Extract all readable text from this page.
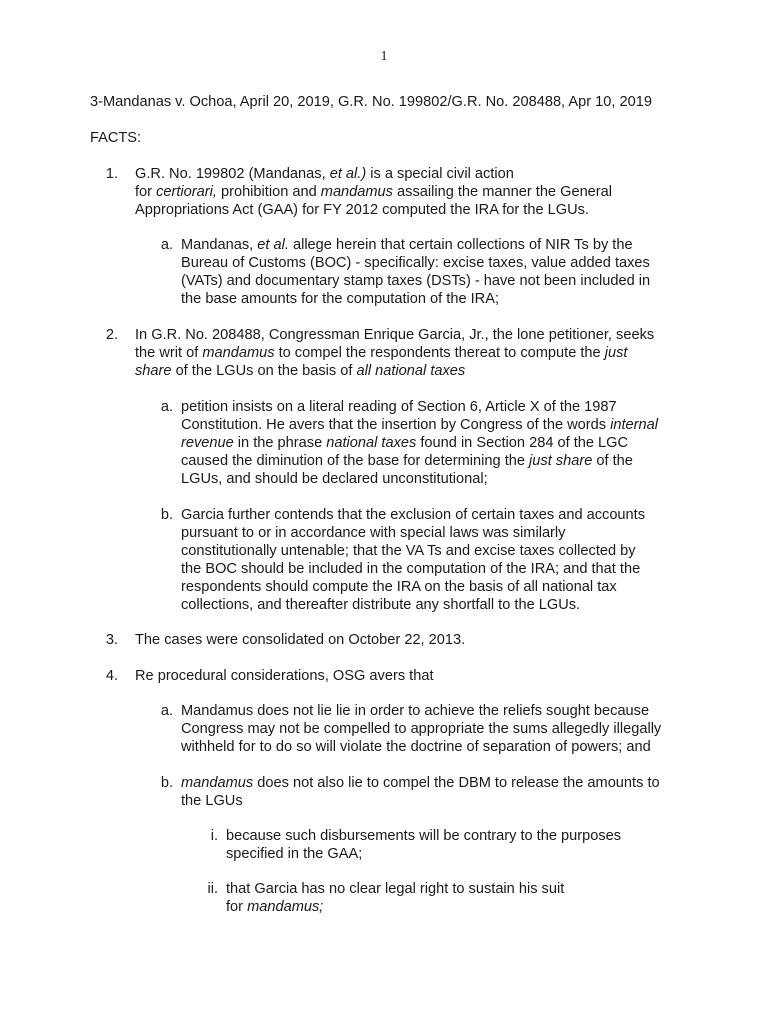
1
3-Mandanas v. Ochoa, April 20, 2019, G.R. No. 199802/G.R. No. 208488, Apr 10, 2019
FACTS:
1. G.R. No. 199802 (Mandanas, et al.) is a special civil action
for certiorari, prohibition and mandamus assailing the manner the General
Appropriations Act (GAA) for FY 2012 computed the IRA for the LGUs.
a. Mandanas, et al. allege herein that certain collections of NIR Ts by the
Bureau of Customs (BOC) - specifically: excise taxes, value added taxes
(VATs) and documentary stamp taxes (DSTs) - have not been included in
the base amounts for the computation of the IRA;
2. In G.R. No. 208488, Congressman Enrique Garcia, Jr., the lone petitioner, seeks
the writ of mandamus to compel the respondents thereat to compute the just
share of the LGUs on the basis of all national taxes
a. petition insists on a literal reading of Section 6, Article X of the 1987
Constitution. He avers that the insertion by Congress of the words internal
revenue in the phrase national taxes found in Section 284 of the LGC
caused the diminution of the base for determining the just share of the
LGUs, and should be declared unconstitutional;
b. Garcia further contends that the exclusion of certain taxes and accounts
pursuant to or in accordance with special laws was similarly
constitutionally untenable; that the VA Ts and excise taxes collected by
the BOC should be included in the computation of the IRA; and that the
respondents should compute the IRA on the basis of all national tax
collections, and thereafter distribute any shortfall to the LGUs.
3. The cases were consolidated on October 22, 2013.
4. Re procedural considerations, OSG avers that
a. Mandamus does not lie lie in order to achieve the reliefs sought because
Congress may not be compelled to appropriate the sums allegedly illegally
withheld for to do so will violate the doctrine of separation of powers; and
b. mandamus does not also lie to compel the DBM to release the amounts to
the LGUs
i. because such disbursements will be contrary to the purposes
specified in the GAA;
ii. that Garcia has no clear legal right to sustain his suit
for mandamus;
